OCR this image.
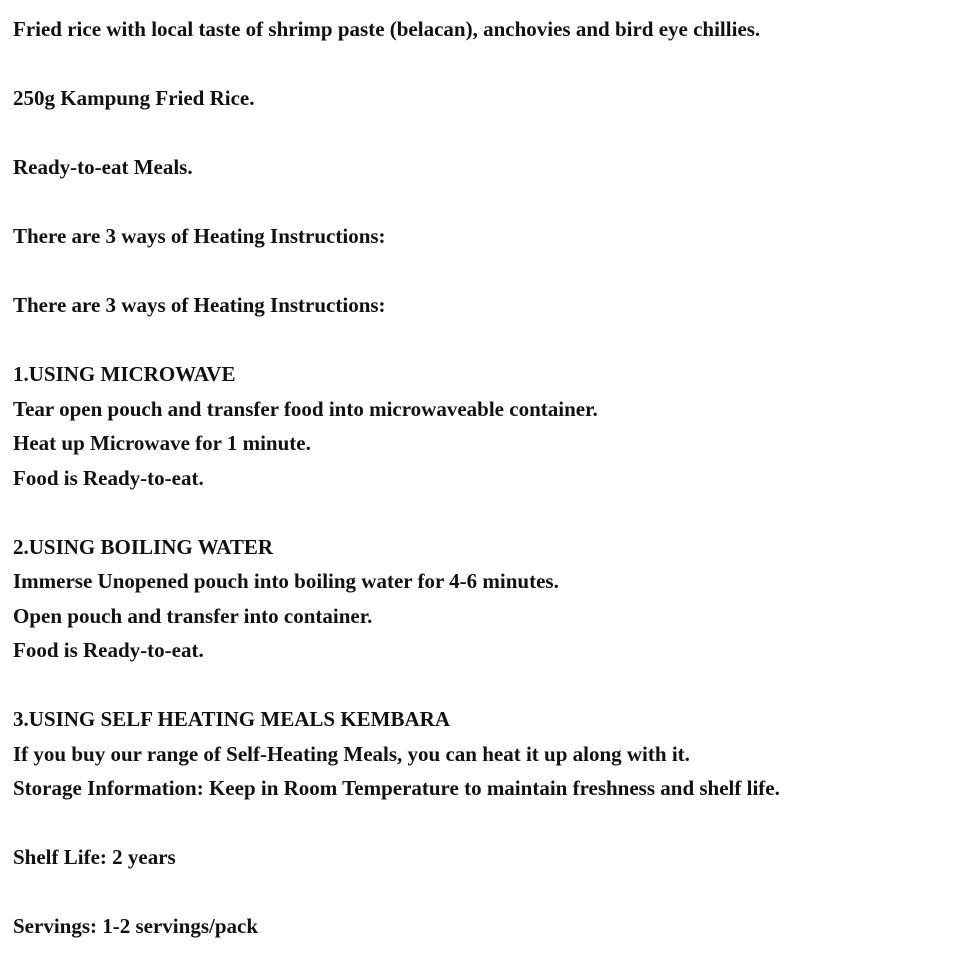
Fried rice with local taste of shrimp paste (belacan), anchovies and bird eye chillies.

250g Kampung Fried Rice.

Ready-to-eat Meals.

There are 3 ways of Heating Instructions:

There are 3 ways of Heating Instructions:

1.USING MICROWAVE

Tear open pouch and transfer food into microwaveable container.

Heat up Microwave for 1 minute.

Food is Ready-to-eat.

2.USING BOILING WATER

Immerse Unopened pouch into boiling water for 4-6 minutes.

Open pouch and transfer into container.

Food is Ready-to-eat.

3.USING SELF HEATING MEALS KEMBARA

If you buy our range of Self-Heating Meals, you can heat it up along with it.

Storage Information: Keep in Room Temperature to maintain freshness and shelf life.

Shelf Life: 2 years

Servings: 1-2 servings/pack
